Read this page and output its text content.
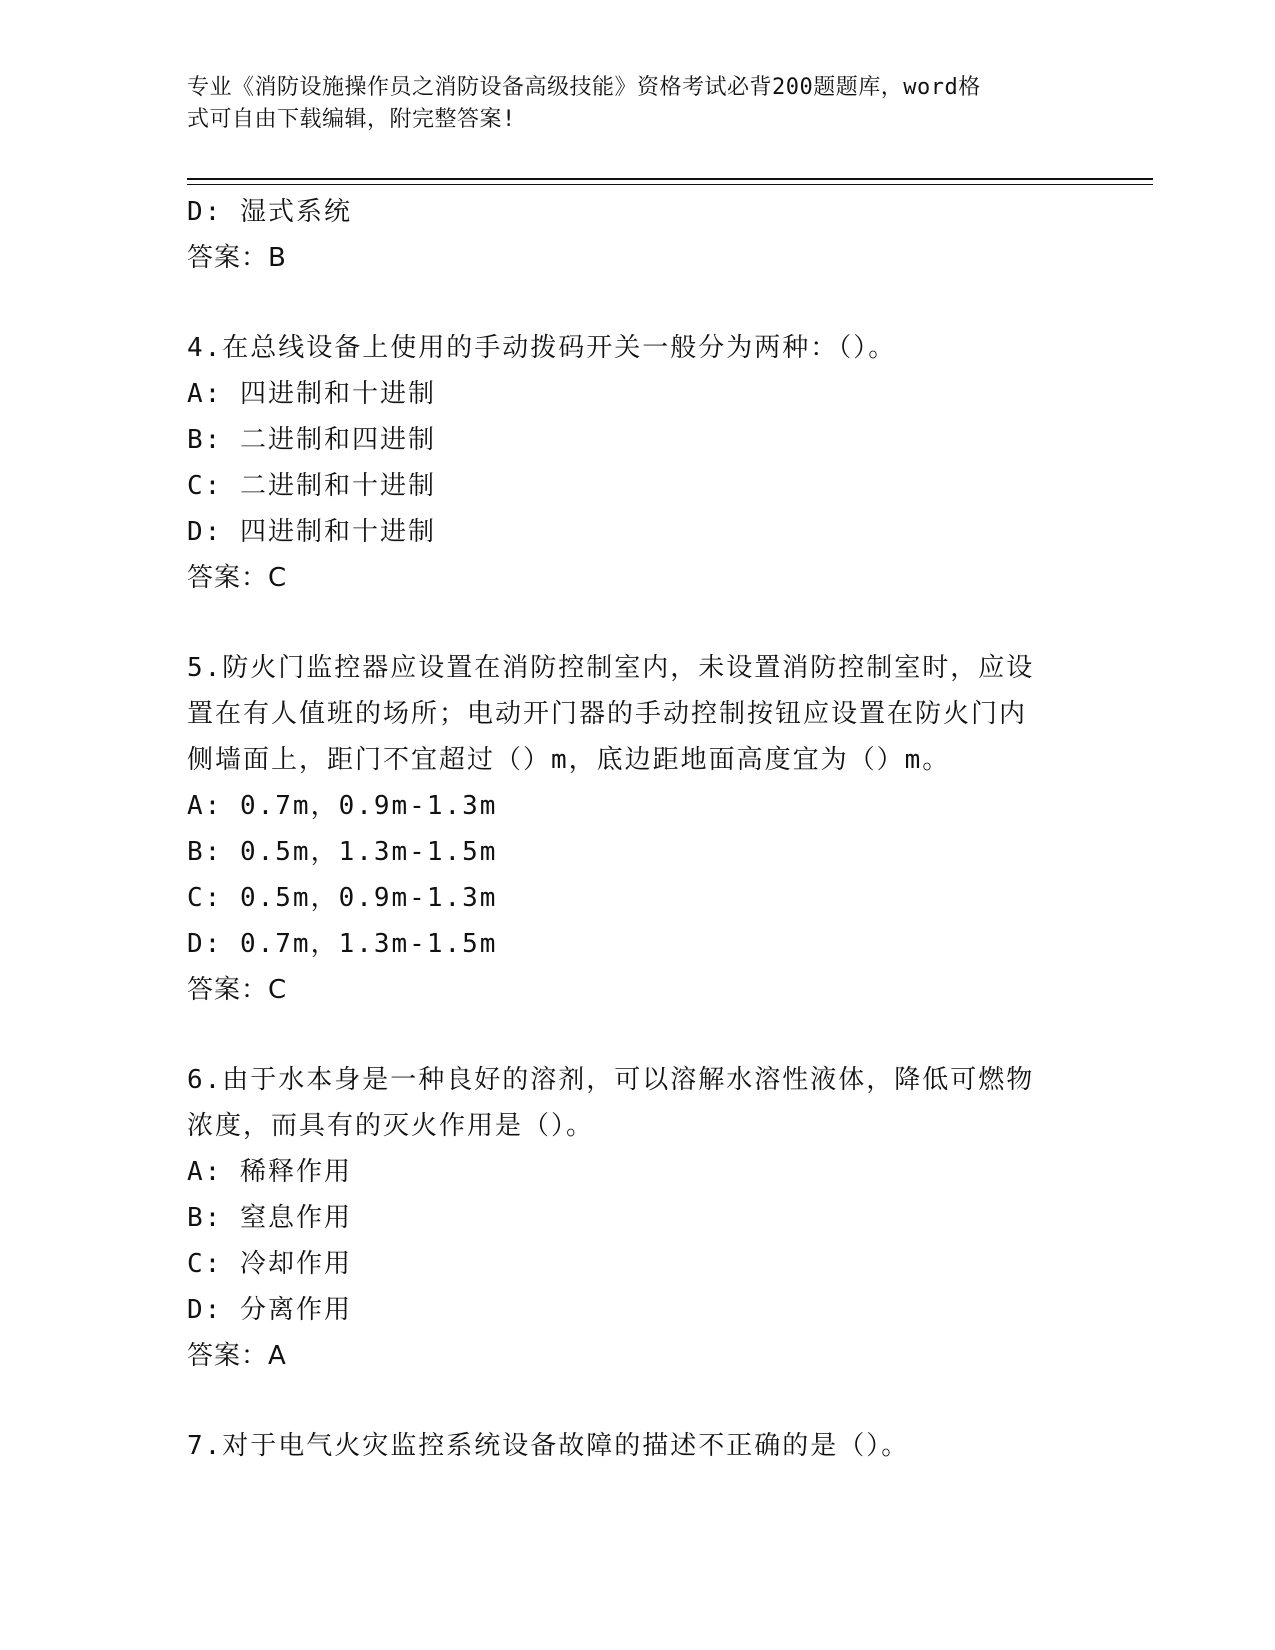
专业《消防设施操作员之消防设备高级技能》资格考试必背200题题库，word格
式可自由下载编辑，附完整答案!
D: 湿式系统
答案：B
4.在总线设备上使用的手动拨码开关一般分为两种：（）。
A: 四进制和十进制
B: 二进制和四进制
C: 二进制和十进制
D: 四进制和十进制
答案：C
5.防火门监控器应设置在消防控制室内，未设置消防控制室时，应设
置在有人值班的场所；电动开门器的手动控制按钮应设置在防火门内
侧墙面上，距门不宜超过（）m，底边距地面高度宜为（）m。
A: 0.7m，0.9m-1.3m
B: 0.5m，1.3m-1.5m
C: 0.5m，0.9m-1.3m
D: 0.7m，1.3m-1.5m
答案：C
6.由于水本身是一种良好的溶剂，可以溶解水溶性液体，降低可燃物
浓度，而具有的灭火作用是（）。
A: 稀释作用
B: 窒息作用
C: 冷却作用
D: 分离作用
答案：A
7.对于电气火灾监控系统设备故障的描述不正确的是（）。
